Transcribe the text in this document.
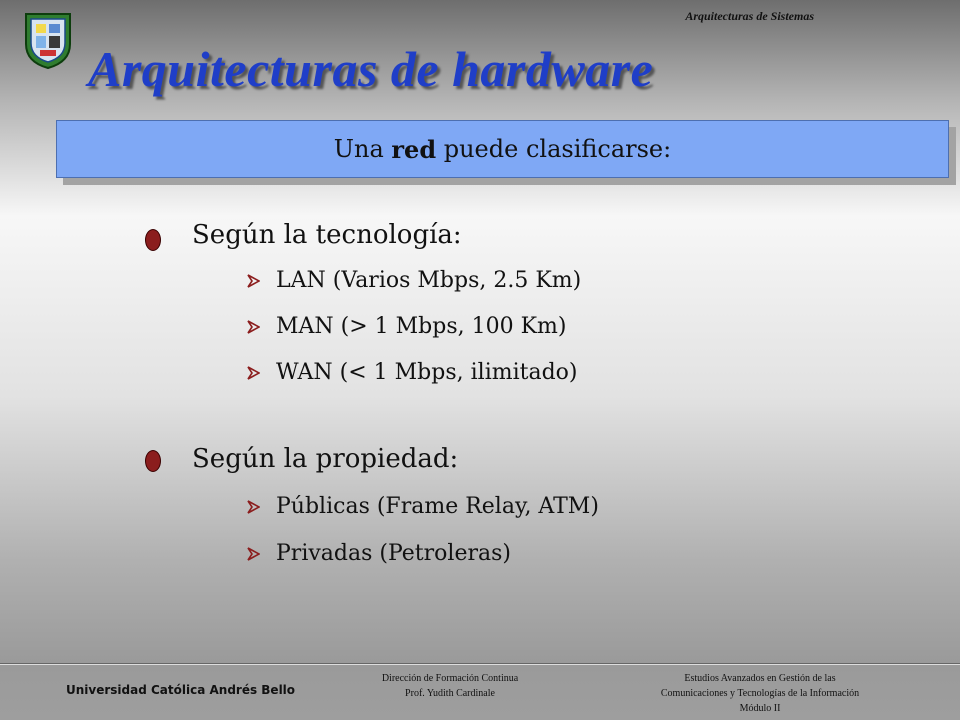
Arquitecturas de Sistemas
Arquitecturas de hardware
Una red puede clasificarse:
Según la tecnología:
LAN (Varios Mbps, 2.5 Km)
MAN (> 1 Mbps, 100 Km)
WAN (< 1 Mbps, ilimitado)
Según la propiedad:
Públicas (Frame Relay, ATM)
Privadas (Petroleras)
Universidad Católica Andrés Bello
Dirección de Formación Continua
Prof. Yudith Cardinale
Estudios Avanzados en Gestión de las
Comunicaciones y Tecnologías de la Información
Módulo II
